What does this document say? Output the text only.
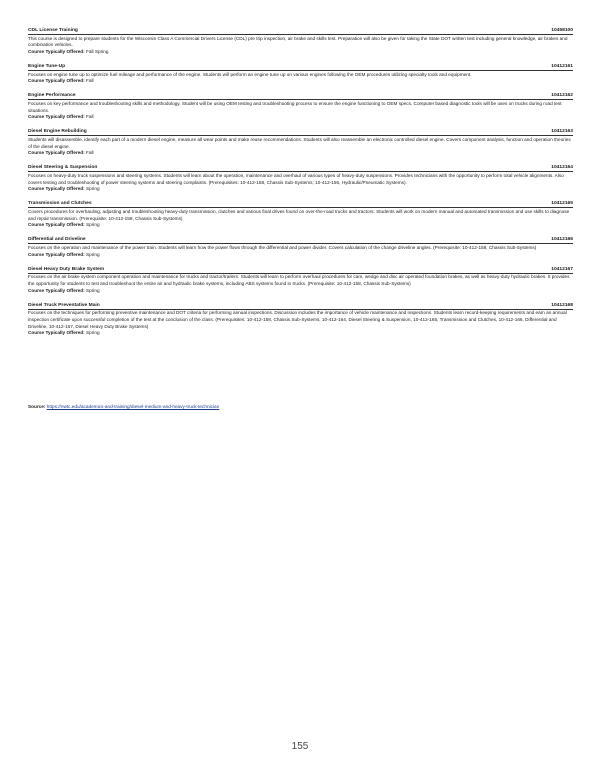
CDL License Training	10458100
This course is designed to prepare students for the Wisconsin Class A Commercial Drivers License (CDL) pre trip inspection, air brake and skills test. Preparation will also be given for taking the State DOT written test including general knowledge, air brakes and combination vehicles.
Course Typically Offered: Fall Spring
Engine Tune-Up	10412161
Focuses on engine tune up to optimize fuel mileage and performance of the engine. Students will perform an engine tune up on various engines following the OEM procedures utilizing specialty tools and equipment.
Course Typically Offered: Fall
Engine Performance	10412162
Focuses on key performance and troubleshooting skills and methodology. Student will be using OEM testing and troubleshooting process to ensure the engine functioning to OEM specs. Computer based diagnostic tools will be uses on trucks during road test situations.
Course Typically Offered: Fall
Diesel Engine Rebuilding	10412163
Students will disassemble, identify each part of a modern diesel engine, measure all wear points and make reuse recommendations. Students will also reassemble an electronic controlled diesel engine. Covers component analysis, function and operation theories of the diesel engine.
Course Typically Offered: Fall
Diesel Steering & Suspension	10412164
Focuses on heavy-duty truck suspensions and steering systems. Students will learn about the operation, maintenance and overhaul of various types of heavy-duty suspensions. Provides technicians with the opportunity to perform total vehicle alignments. Also covers testing and troubleshooting of power steering systems and steering complaints. (Prerequisites: 10-412-158, Chassis Sub-Systems; 10-412-156, Hydraulic/Pneumatic Systems).
Course Typically Offered: Spring
Transmission and Clutches	10412165
Covers procedures for overhauling, adjusting and troubleshooting heavy-duty transmission, clutches and various final drives found on over-the-road trucks and tractors. Students will work on modern manual and automated transmission and use skills to diagnose and repair transmission. (Prerequisite: 10-412-158, Chassis Sub-Systems)
Course Typically Offered: Spring
Differential and Driveline	10412166
Focuses on the operation and maintenance of the power train. Students will learn how the power flows through the differential and power divider. Covers calculation of the change driveline angles. (Prerequisite: 10-412-158, Chassis Sub-Systems)
Course Typically Offered: Spring
Diesel Heavy Duty Brake System	10412167
Focuses on the air brake system component operation and maintenance for trucks and tractor/trailers. Students will learn to perform overhaul procedures for cam, wedge and disc air operated foundation brakes, as well as heavy-duty hydraulic brakes. It provides the opportunity for students to test and troubleshoot the entire air and hydraulic brake systems, including ABS systems found in trucks. (Prerequisite: 10-412-158, Chassis Sub-Systems)
Course Typically Offered: Spring
Diesel Truck Preventative Main	10412168
Focuses on the techniques for performing preventive maintenance and DOT criteria for performing annual inspections. Discussion includes the importance of vehicle maintenance and inspections. Students learn record-keeping requirements and earn an annual inspection certificate upon successful completion of the test at the conclusion of the class. (Prerequisites: 10-412-158, Chassis Sub-Systems, 10-412-164, Diesel Steering & Suspension, 10-412-165, Transmission and Clutches, 10-412-166, Differential and Driveline, 10-412-167, Diesel Heavy Duty Brake Systems)
Course Typically Offered: Spring
Source: https://nwtc.edu/academics-and-training/diesel-medium-and-heavy-truck-technician
155
